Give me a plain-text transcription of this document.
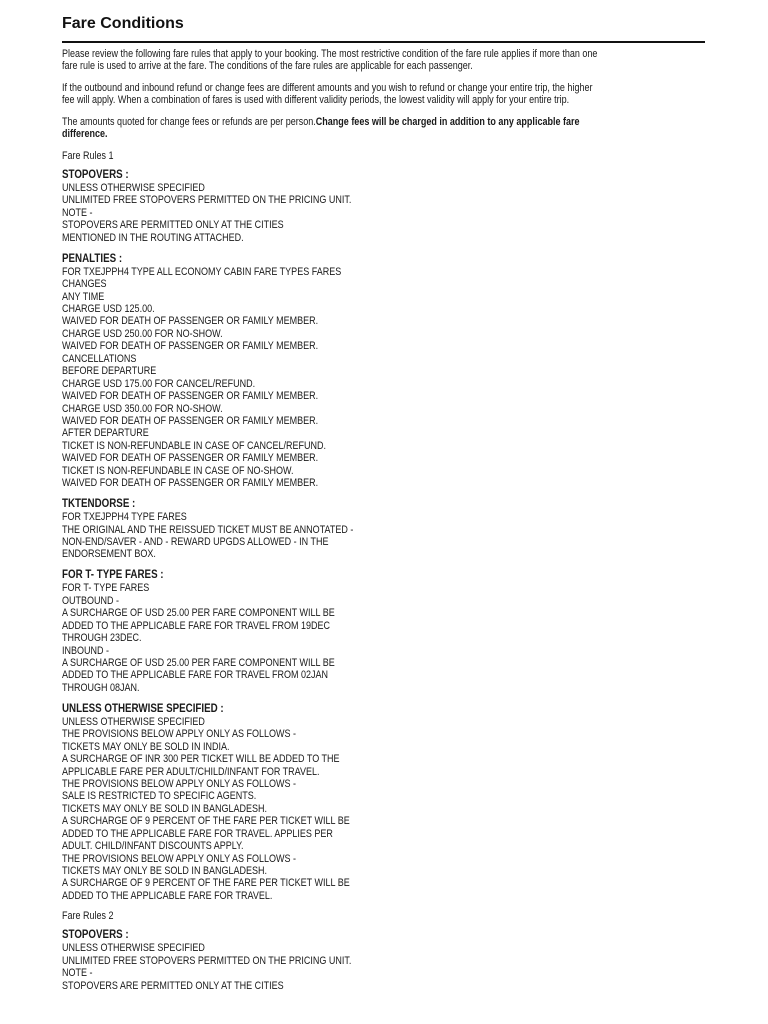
Fare Conditions
Please review the following fare rules that apply to your booking. The most restrictive condition of the fare rule applies if more than one
fare rule is used to arrive at the fare. The conditions of the fare rules are applicable for each passenger.
If the outbound and inbound refund or change fees are different amounts and you wish to refund or change your entire trip, the higher
fee will apply. When a combination of fares is used with different validity periods, the lowest validity will apply for your entire trip.
The amounts quoted for change fees or refunds are per person.Change fees will be charged in addition to any applicable fare
difference.
Fare Rules 1
STOPOVERS :
UNLESS OTHERWISE SPECIFIED
UNLIMITED FREE STOPOVERS PERMITTED ON THE PRICING UNIT.
NOTE -
STOPOVERS ARE PERMITTED ONLY AT THE CITIES
MENTIONED IN THE ROUTING ATTACHED.
PENALTIES :
FOR TXEJPPH4 TYPE ALL ECONOMY CABIN FARE TYPES FARES
CHANGES
ANY TIME
CHARGE USD 125.00.
WAIVED FOR DEATH OF PASSENGER OR FAMILY MEMBER.
CHARGE USD 250.00 FOR NO-SHOW.
WAIVED FOR DEATH OF PASSENGER OR FAMILY MEMBER.
CANCELLATIONS
BEFORE DEPARTURE
CHARGE USD 175.00 FOR CANCEL/REFUND.
WAIVED FOR DEATH OF PASSENGER OR FAMILY MEMBER.
CHARGE USD 350.00 FOR NO-SHOW.
WAIVED FOR DEATH OF PASSENGER OR FAMILY MEMBER.
AFTER DEPARTURE
TICKET IS NON-REFUNDABLE IN CASE OF CANCEL/REFUND.
WAIVED FOR DEATH OF PASSENGER OR FAMILY MEMBER.
TICKET IS NON-REFUNDABLE IN CASE OF NO-SHOW.
WAIVED FOR DEATH OF PASSENGER OR FAMILY MEMBER.
TKTENDORSE :
FOR TXEJPPH4 TYPE FARES
THE ORIGINAL AND THE REISSUED TICKET MUST BE ANNOTATED -
NON-END/SAVER - AND - REWARD UPGDS ALLOWED - IN THE
ENDORSEMENT BOX.
FOR T- TYPE FARES :
FOR T- TYPE FARES
OUTBOUND -
A SURCHARGE OF USD 25.00 PER FARE COMPONENT WILL BE
ADDED TO THE APPLICABLE FARE FOR TRAVEL FROM 19DEC
THROUGH 23DEC.
INBOUND -
A SURCHARGE OF USD 25.00 PER FARE COMPONENT WILL BE
ADDED TO THE APPLICABLE FARE FOR TRAVEL FROM 02JAN
THROUGH 08JAN.
UNLESS OTHERWISE SPECIFIED :
UNLESS OTHERWISE SPECIFIED
THE PROVISIONS BELOW APPLY ONLY AS FOLLOWS -
TICKETS MAY ONLY BE SOLD IN INDIA.
A SURCHARGE OF INR 300 PER TICKET WILL BE ADDED TO THE
APPLICABLE FARE PER ADULT/CHILD/INFANT FOR TRAVEL.
THE PROVISIONS BELOW APPLY ONLY AS FOLLOWS -
SALE IS RESTRICTED TO SPECIFIC AGENTS.
TICKETS MAY ONLY BE SOLD IN BANGLADESH.
A SURCHARGE OF 9 PERCENT OF THE FARE PER TICKET WILL BE
ADDED TO THE APPLICABLE FARE FOR TRAVEL. APPLIES PER
ADULT. CHILD/INFANT DISCOUNTS APPLY.
THE PROVISIONS BELOW APPLY ONLY AS FOLLOWS -
TICKETS MAY ONLY BE SOLD IN BANGLADESH.
A SURCHARGE OF 9 PERCENT OF THE FARE PER TICKET WILL BE
ADDED TO THE APPLICABLE FARE FOR TRAVEL.
Fare Rules 2
STOPOVERS :
UNLESS OTHERWISE SPECIFIED
UNLIMITED FREE STOPOVERS PERMITTED ON THE PRICING UNIT.
NOTE -
STOPOVERS ARE PERMITTED ONLY AT THE CITIES
